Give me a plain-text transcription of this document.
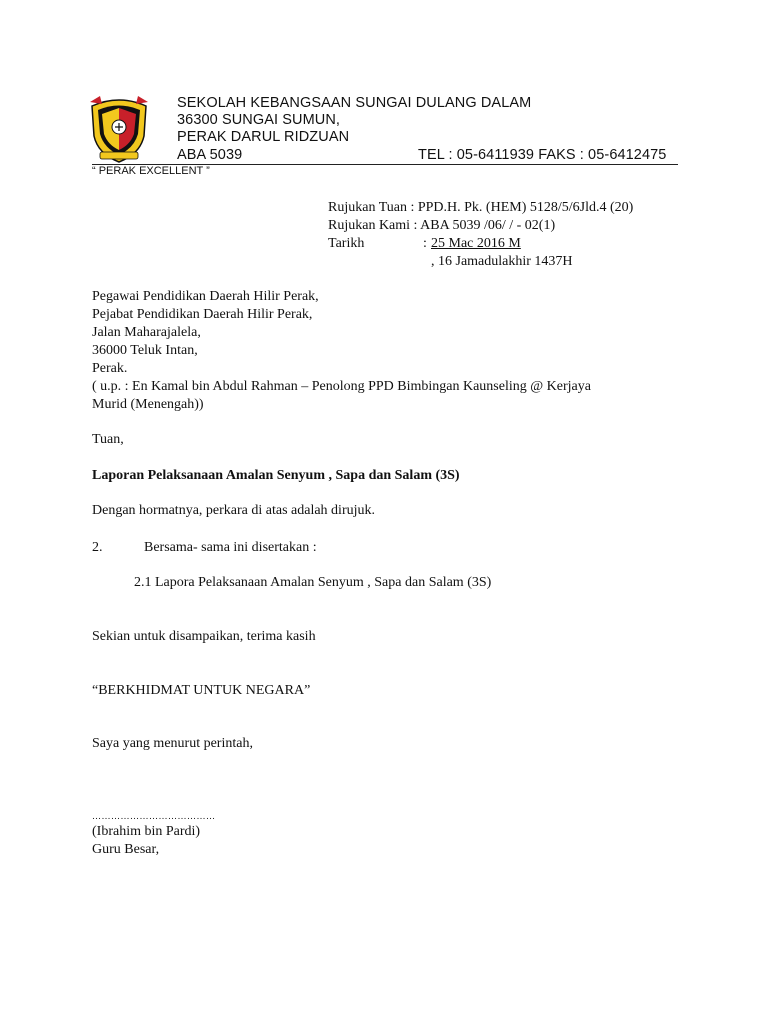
SEKOLAH KEBANGSAAN SUNGAI DULANG DALAM
36300 SUNGAI SUMUN,
PERAK DARUL RIDZUAN
ABA 5039	TEL : 05-6411939 FAKS : 05-6412475
“ PERAK EXCELLENT ”
Rujukan Tuan : PPD.H. Pk. (HEM) 5128/5/6Jld.4 (20)
Rujukan Kami : ABA 5039 /06/ / - 02(1)
Tarikh	: 25 Mac 2016 M
, 16 Jamadulakhir 1437H
Pegawai Pendidikan Daerah Hilir Perak,
Pejabat Pendidikan Daerah Hilir Perak,
Jalan Maharajalela,
36000 Teluk Intan,
Perak.
( u.p. : En Kamal bin Abdul Rahman – Penolong PPD Bimbingan Kaunseling @ Kerjaya
Murid (Menengah))
Tuan,
Laporan Pelaksanaan Amalan Senyum , Sapa dan Salam (3S)
Dengan hormatnya, perkara di atas adalah dirujuk.
2.	Bersama- sama ini disertakan :
2.1 Lapora Pelaksanaan Amalan Senyum , Sapa dan Salam (3S)
Sekian untuk disampaikan, terima kasih
“BERKHIDMAT UNTUK NEGARA”
Saya yang menurut perintah,
…………………………………
(Ibrahim bin Pardi)
Guru Besar,
